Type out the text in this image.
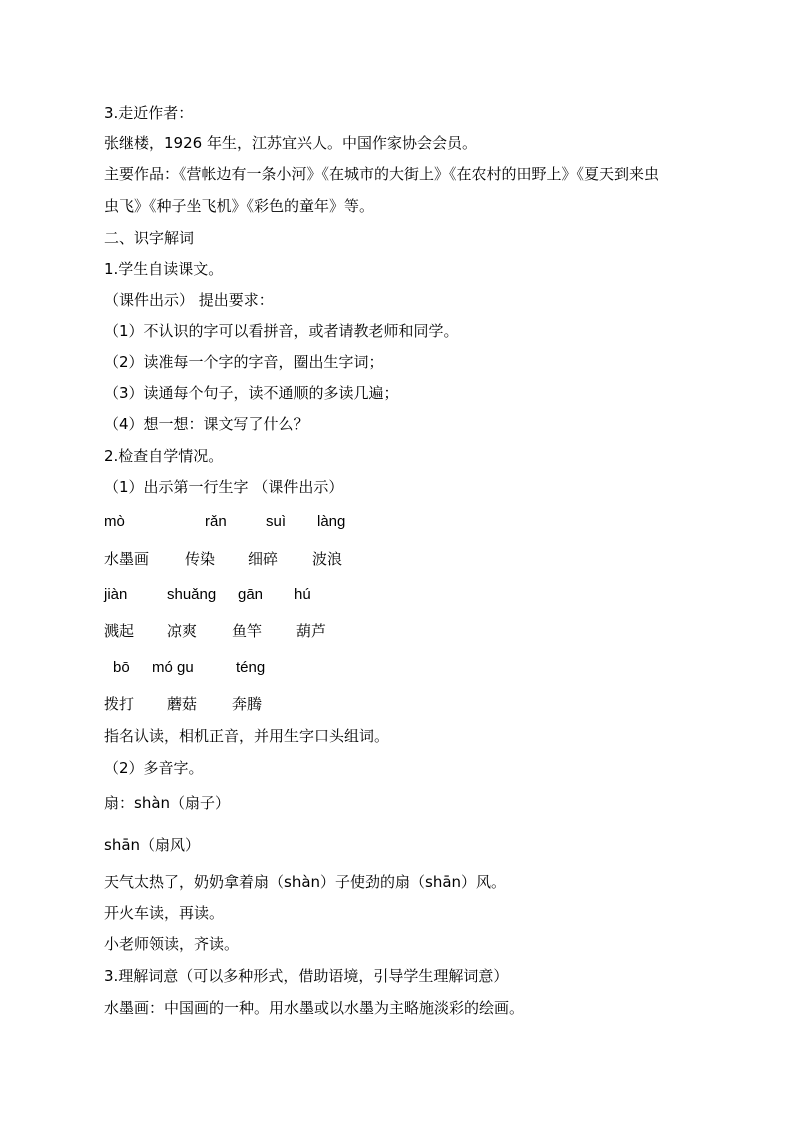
3.走近作者：
张继楼，1926 年生，江苏宜兴人。中国作家协会会员。
主要作品：《营帐边有一条小河》《在城市的大街上》《在农村的田野上》《夏天到来虫
虫飞》《种子坐飞机》《彩色的童年》等。
二、识字解词
1.学生自读课文。
（课件出示） 提出要求：
（1）不认识的字可以看拼音，或者请教老师和同学。
（2）读准每一个字的字音，圈出生字词；
（3）读通每个句子，读不通顺的多读几遍；
（4）想一想：课文写了什么？
2.检查自学情况。
（1）出示第一行生字 （课件出示）
mò	rǎn	suì làng
水墨画 传染 细碎 波浪
jiàn	shuǎng gān hú
溅起 凉爽 鱼竿 葫芦
bō mó gu	téng
拨打 蘑菇 奔腾
指名认读，相机正音，并用生字口头组词。
（2）多音字。
扇：shàn（扇子）
shān（扇风）
天气太热了，奶奶拿着扇（shàn）子使劲的扇（shān）风。
开火车读，再读。
小老师领读，齐读。
3.理解词意（可以多种形式，借助语境，引导学生理解词意）
水墨画：中国画的一种。用水墨或以水墨为主略施淡彩的绘画。
